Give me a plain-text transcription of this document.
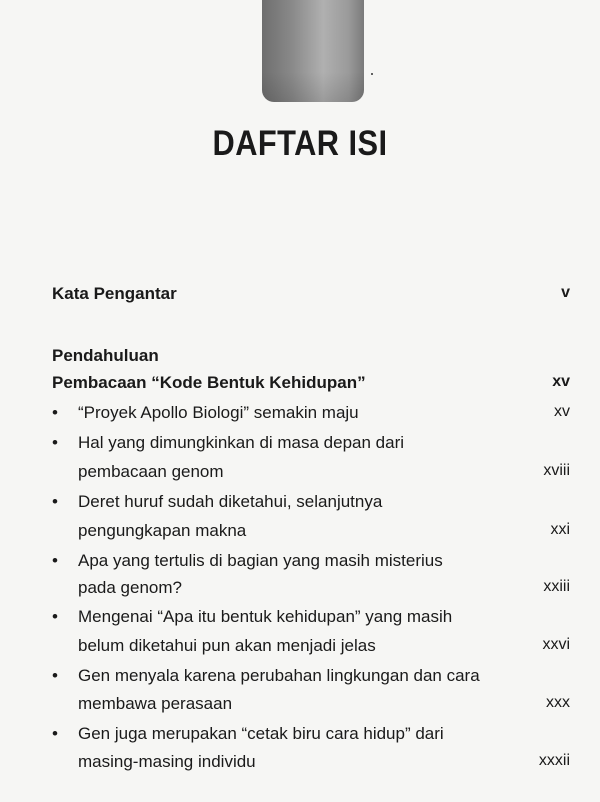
DAFTAR ISI
Kata Pengantar	v
Pendahuluan
Pembacaan “Kode Bentuk Kehidupan”	xv
• “Proyek Apollo Biologi” semakin maju	xv
• Hal yang dimungkinkan di masa depan dari
pembacaan genom	xviii
• Deret huruf sudah diketahui, selanjutnya
pengungkapan makna	xxi
• Apa yang tertulis di bagian yang masih misterius
pada genom?	xxiii
• Mengenai “Apa itu bentuk kehidupan” yang masih
belum diketahui pun akan menjadi jelas	xxvi
• Gen menyala karena perubahan lingkungan dan cara
membawa perasaan	xxx
• Gen juga merupakan “cetak biru cara hidup” dari
masing-masing individu	xxxii
